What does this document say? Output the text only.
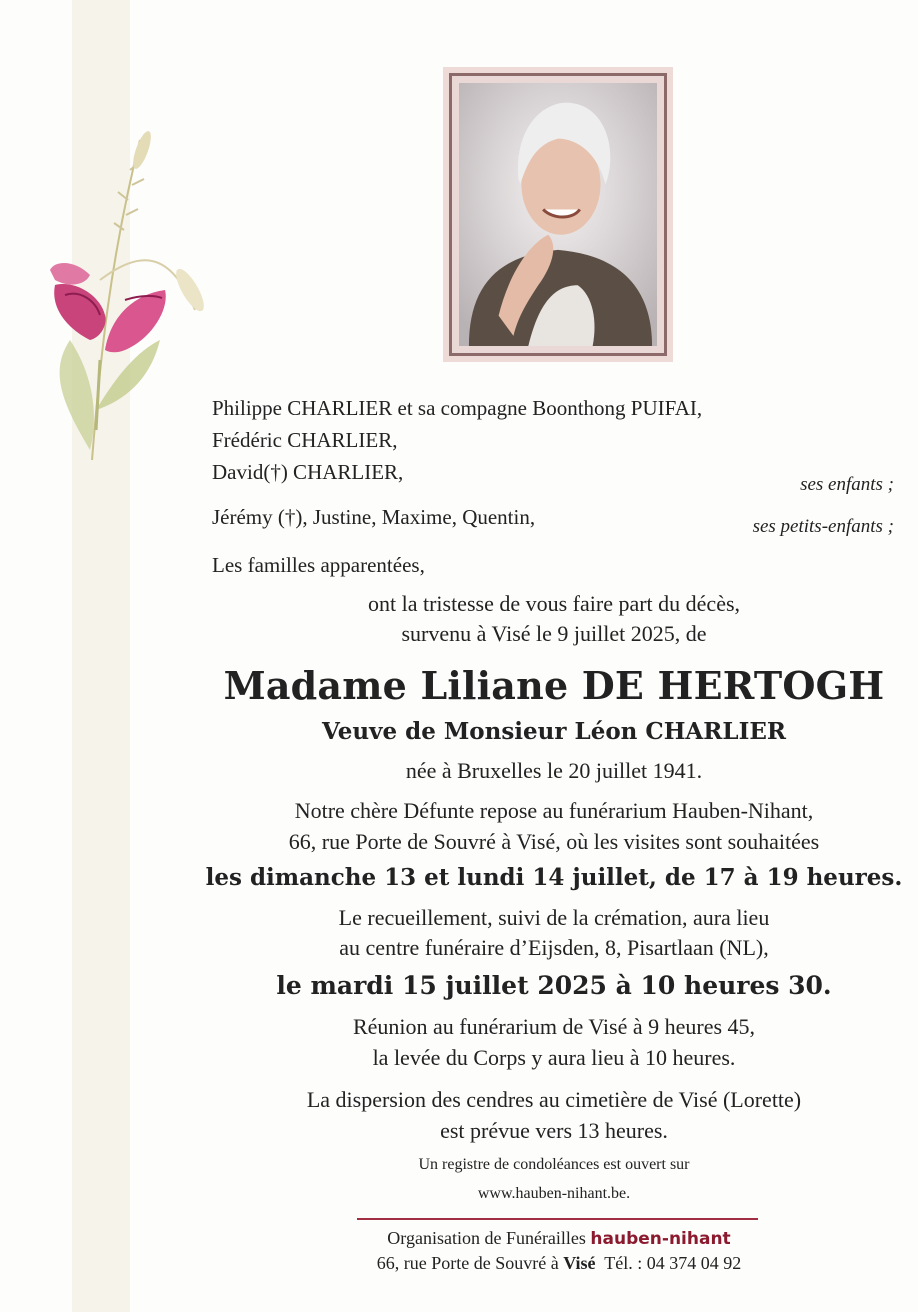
Philippe CHARLIER et sa compagne Boonthong PUIFAI,

Frédéric CHARLIER,

David(†) CHARLIER,

ses enfants ;

Jérémy (†), Justine, Maxime, Quentin,	ses petits-enfants ;

Les familles apparentées,

ont la tristesse de vous faire part du décès,

survenu à Visé le 9 juillet 2025, de

Madame Liliane DE HERTOGH

Veuve de Monsieur Léon CHARLIER

née à Bruxelles le 20 juillet 1941.

Notre chère Défunte repose au funérarium Hauben-Nihant,

66, rue Porte de Souvré à Visé, où les visites sont souhaitées

les dimanche 13 et lundi 14 juillet, de 17 à 19 heures.

Le recueillement, suivi de la crémation, aura lieu

au centre funéraire d’Eijsden, 8, Pisartlaan (NL),

le mardi 15 juillet 2025 à 10 heures 30.

Réunion au funérarium de Visé à 9 heures 45,

la levée du Corps y aura lieu à 10 heures.

La dispersion des cendres au cimetière de Visé (Lorette)

est prévue vers 13 heures.

Un registre de condoléances est ouvert sur

www.hauben-nihant.be.

Organisation de Funérailles hauben-nihant

66, rue Porte de Souvré à Visé Tél. : 04 374 04 92
